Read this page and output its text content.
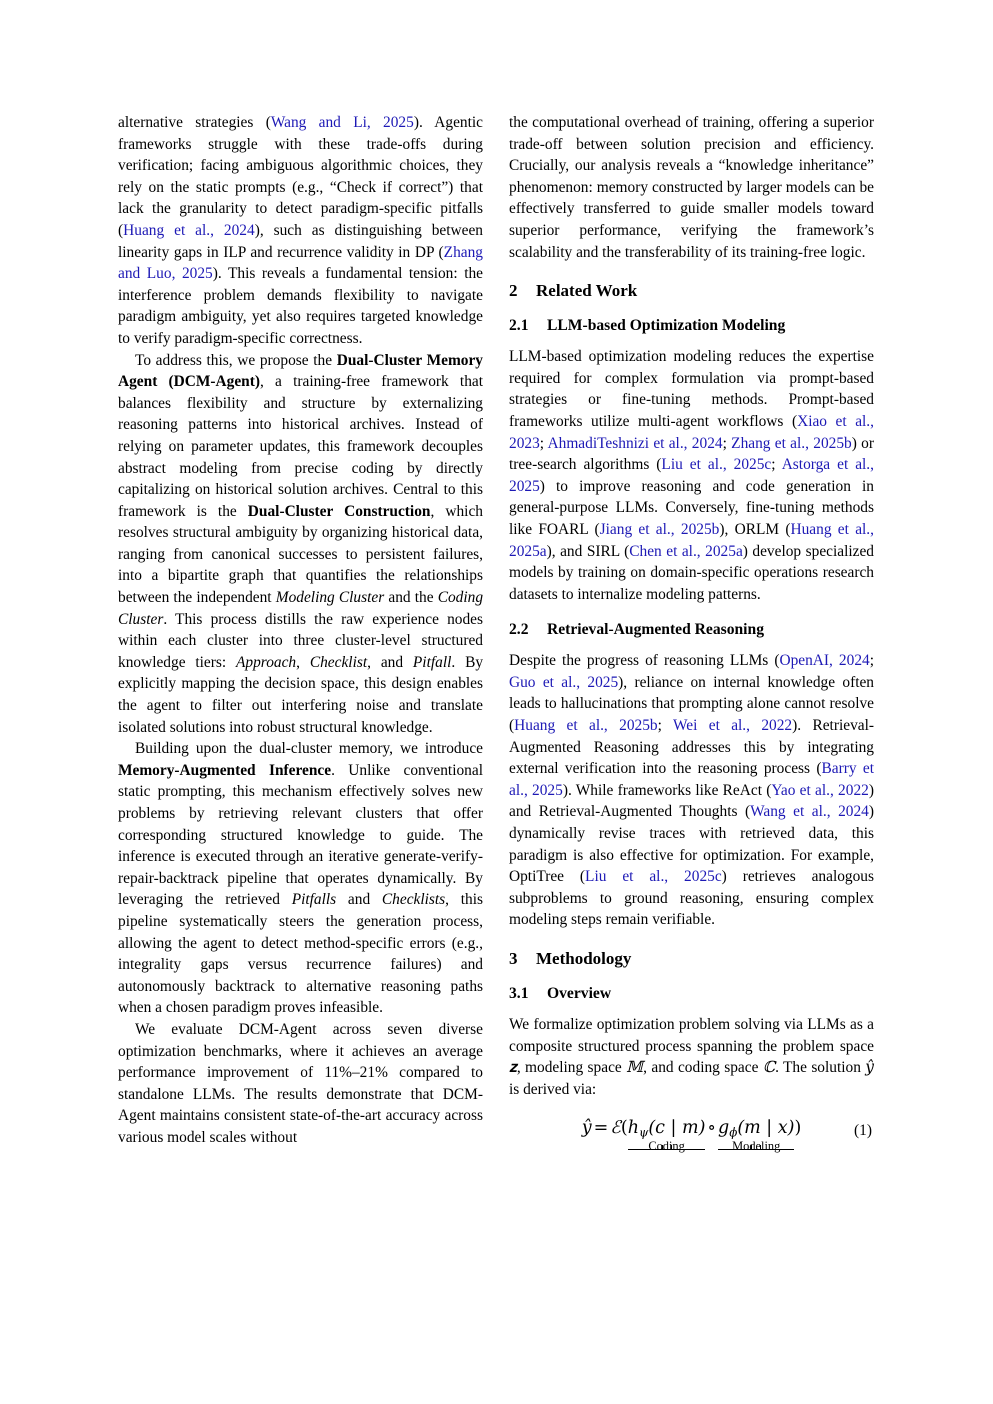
alternative strategies (Wang and Li, 2025). Agentic frameworks struggle with these trade-offs during verification; facing ambiguous algorithmic choices, they rely on the static prompts (e.g., “Check if correct”) that lack the granularity to detect paradigm-specific pitfalls (Huang et al., 2024), such as distinguishing between linearity gaps in ILP and recurrence validity in DP (Zhang and Luo, 2025). This reveals a fundamental tension: the interference problem demands flexibility to navigate paradigm ambiguity, yet also requires targeted knowledge to verify paradigm-specific correctness.

To address this, we propose the Dual-Cluster Memory Agent (DCM-Agent), a training-free framework that balances flexibility and structure by externalizing reasoning patterns into historical archives. Instead of relying on parameter updates, this framework decouples abstract modeling from precise coding by directly capitalizing on historical solution archives. Central to this framework is the Dual-Cluster Construction, which resolves structural ambiguity by organizing historical data, ranging from canonical successes to persistent failures, into a bipartite graph that quantifies the relationships between the independent Modeling Cluster and the Coding Cluster. This process distills the raw experience nodes within each cluster into three cluster-level structured knowledge tiers: Approach, Checklist, and Pitfall. By explicitly mapping the decision space, this design enables the agent to filter out interfering noise and translate isolated solutions into robust structural knowledge.

Building upon the dual-cluster memory, we introduce Memory-Augmented Inference. Unlike conventional static prompting, this mechanism effectively solves new problems by retrieving relevant clusters that offer corresponding structured knowledge to guide. The inference is executed through an iterative generate-verify-repair-backtrack pipeline that operates dynamically. By leveraging the retrieved Pitfalls and Checklists, this pipeline systematically steers the generation process, allowing the agent to detect method-specific errors (e.g., integrality gaps versus recurrence failures) and autonomously backtrack to alternative reasoning paths when a chosen paradigm proves infeasible.

We evaluate DCM-Agent across seven diverse optimization benchmarks, where it achieves an average performance improvement of 11%–21% compared to standalone LLMs. The results demonstrate that DCM-Agent maintains consistent state-of-the-art accuracy across various model scales without

the computational overhead of training, offering a superior trade-off between solution precision and efficiency. Crucially, our analysis reveals a “knowledge inheritance” phenomenon: memory constructed by larger models can be effectively transferred to guide smaller models toward superior performance, verifying the framework’s scalability and the transferability of its training-free logic.

2 Related Work
2.1 LLM-based Optimization Modeling

LLM-based optimization modeling reduces the expertise required for complex formulation via prompt-based strategies or fine-tuning methods. Prompt-based frameworks utilize multi-agent workflows (Xiao et al., 2023; AhmadiTeshnizi et al., 2024; Zhang et al., 2025b) or tree-search algorithms (Liu et al., 2025c; Astorga et al., 2025) to improve reasoning and code generation in general-purpose LLMs. Conversely, fine-tuning methods like FOARL (Jiang et al., 2025b), ORLM (Huang et al., 2025a), and SIRL (Chen et al., 2025a) develop specialized models by training on domain-specific operations research datasets to internalize modeling patterns.

2.2 Retrieval-Augmented Reasoning

Despite the progress of reasoning LLMs (OpenAI, 2024; Guo et al., 2025), reliance on internal knowledge often leads to hallucinations that prompting alone cannot resolve (Huang et al., 2025b; Wei et al., 2022). Retrieval-Augmented Reasoning addresses this by integrating external verification into the reasoning process (Barry et al., 2025). While frameworks like ReAct (Yao et al., 2022) and Retrieval-Augmented Thoughts (Wang et al., 2024) dynamically revise traces with retrieved data, this paradigm is also effective for optimization. For example, OptiTree (Liu et al., 2025c) retrieves analogous subproblems to ground reasoning, ensuring complex modeling steps remain verifiable.

3 Methodology
3.1 Overview

We formalize optimization problem solving via LLMs as a composite structured process spanning the problem space 𝐳, modeling space 𝕄, and coding space ℂ. The solution ŷ is derived via:

ŷ = ℰ(hψ(c | m)
Coding
∘ gϕ(m | x)
Modeling
)	(1)
